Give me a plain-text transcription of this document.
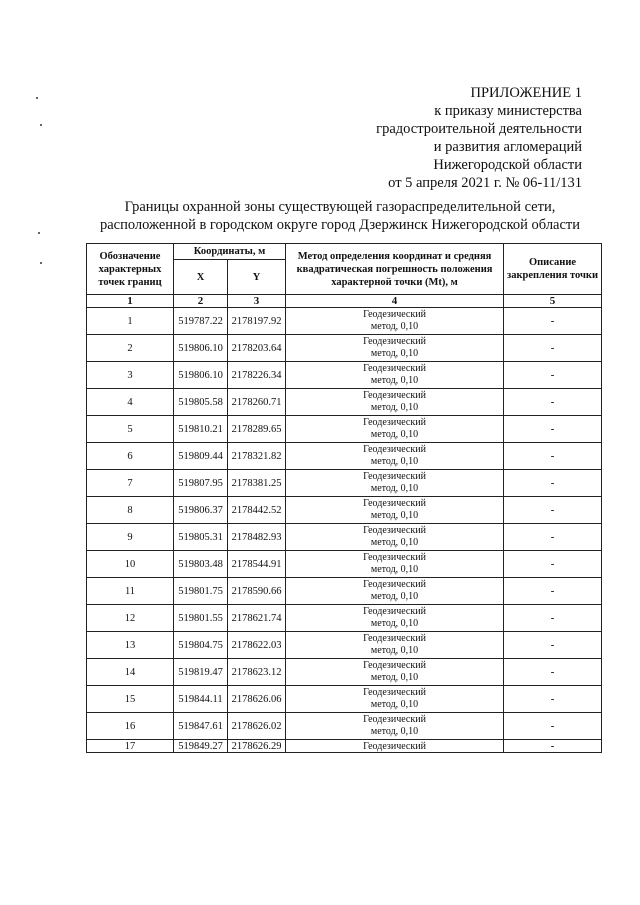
ПРИЛОЖЕНИЕ 1
к приказу министерства
градостроительной деятельности
и развития агломераций
Нижегородской области
от 5 апреля 2021 г. № 06-11/131
Границы охранной зоны существующей газораспределительной сети,
расположенной в городском округе город Дзержинск Нижегородской области
Обозначение характерных точек границ	Координаты, м		Метод определения координат и средняя квадратическая погрешность положения характерной точки (Mt), м	Описание закрепления точки
	X	Y		
1	2	3	4	5
1	519787.22	2178197.92	Геодезический
метод, 0,10	-
2	519806.10	2178203.64	Геодезический
метод, 0,10	-
3	519806.10	2178226.34	Геодезический
метод, 0,10	-
4	519805.58	2178260.71	Геодезический
метод, 0,10	-
5	519810.21	2178289.65	Геодезический
метод, 0,10	-
6	519809.44	2178321.82	Геодезический
метод, 0,10	-
7	519807.95	2178381.25	Геодезический
метод, 0,10	-
8	519806.37	2178442.52	Геодезический
метод, 0,10	-
9	519805.31	2178482.93	Геодезический
метод, 0,10	-
10	519803.48	2178544.91	Геодезический
метод, 0,10	-
11	519801.75	2178590.66	Геодезический
метод, 0,10	-
12	519801.55	2178621.74	Геодезический
метод, 0,10	-
13	519804.75	2178622.03	Геодезический
метод, 0,10	-
14	519819.47	2178623.12	Геодезический
метод, 0,10	-
15	519844.11	2178626.06	Геодезический
метод, 0,10	-
16	519847.61	2178626.02	Геодезический
метод, 0,10	-
17	519849.27	2178626.29	Геодезический	-
